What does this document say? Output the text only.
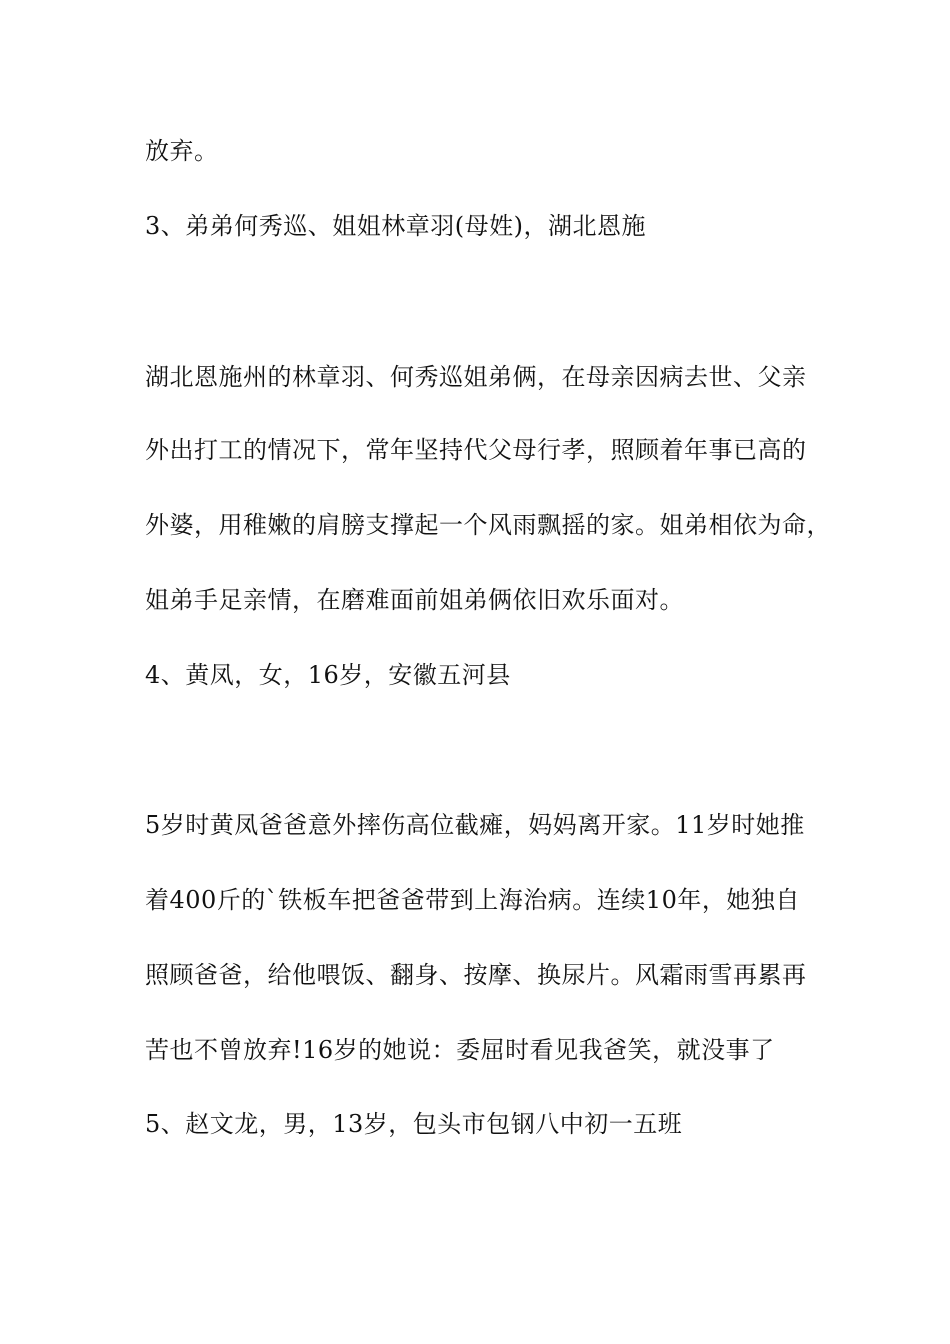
放弃。
3、弟弟何秀巡、姐姐林章羽(母姓)，湖北恩施
湖北恩施州的林章羽、何秀巡姐弟俩，在母亲因病去世、父亲
外出打工的情况下，常年坚持代父母行孝，照顾着年事已高的
外婆，用稚嫩的肩膀支撑起一个风雨飘摇的家。姐弟相依为命，
姐弟手足亲情，在磨难面前姐弟俩依旧欢乐面对。
4、黄凤，女，16岁，安徽五河县
5岁时黄凤爸爸意外摔伤高位截瘫，妈妈离开家。11岁时她推
着400斤的`铁板车把爸爸带到上海治病。连续10年，她独自
照顾爸爸，给他喂饭、翻身、按摩、换尿片。风霜雨雪再累再
苦也不曾放弃!16岁的她说：委屈时看见我爸笑，就没事了
5、赵文龙，男，13岁，包头市包钢八中初一五班
